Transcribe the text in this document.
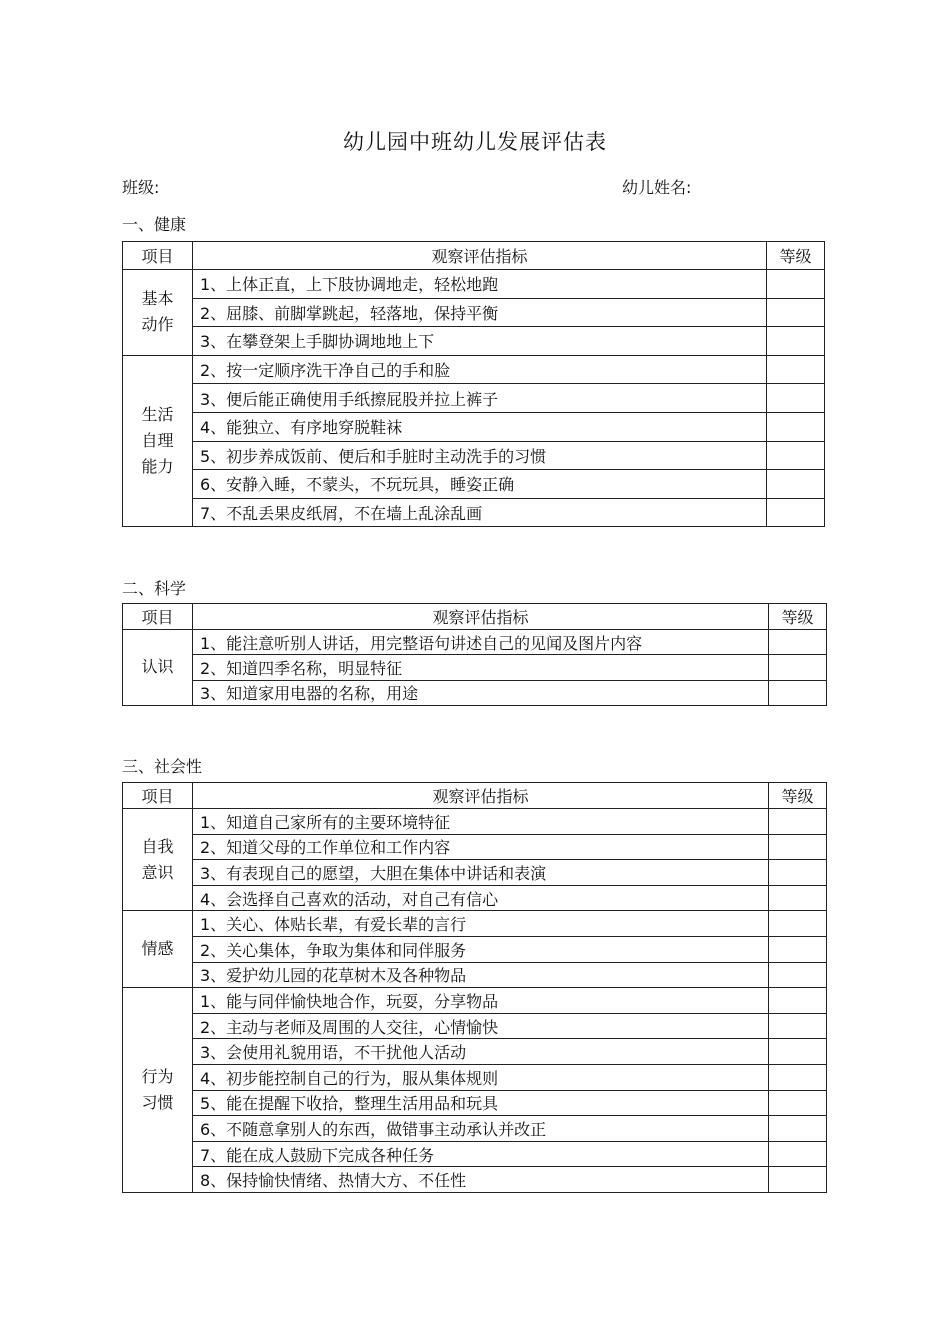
幼儿园中班幼儿发展评估表
班级:	幼儿姓名:
一、健康
项目	观察评估指标	等级
基本动作	1、上体正直，上下肢协调地走，轻松地跑	
	2、屈膝、前脚掌跳起，轻落地，保持平衡	
	3、在攀登架上手脚协调地地上下	
生活自理能力	2、按一定顺序洗干净自己的手和脸	
	3、便后能正确使用手纸擦屁股并拉上裤子	
	4、能独立、有序地穿脱鞋袜	
	5、初步养成饭前、便后和手脏时主动洗手的习惯	
	6、安静入睡，不蒙头，不玩玩具，睡姿正确	
	7、不乱丢果皮纸屑，不在墙上乱涂乱画	
二、科学
项目	观察评估指标	等级
认识	1、能注意听别人讲话，用完整语句讲述自己的见闻及图片内容	
	2、知道四季名称，明显特征	
	3、知道家用电器的名称，用途	
三、社会性
项目	观察评估指标	等级
自我意识	1、知道自己家所有的主要环境特征	
	2、知道父母的工作单位和工作内容	
	3、有表现自己的愿望，大胆在集体中讲话和表演	
	4、会选择自己喜欢的活动，对自己有信心	
情感	1、关心、体贴长辈，有爱长辈的言行	
	2、关心集体，争取为集体和同伴服务	
	3、爱护幼儿园的花草树木及各种物品	
行为习惯	1、能与同伴愉快地合作，玩耍，分享物品	
	2、主动与老师及周围的人交往，心情愉快	
	3、会使用礼貌用语，不干扰他人活动	
	4、初步能控制自己的行为，服从集体规则	
	5、能在提醒下收拾，整理生活用品和玩具	
	6、不随意拿别人的东西，做错事主动承认并改正	
	7、能在成人鼓励下完成各种任务	
	8、保持愉快情绪、热情大方、不任性	
